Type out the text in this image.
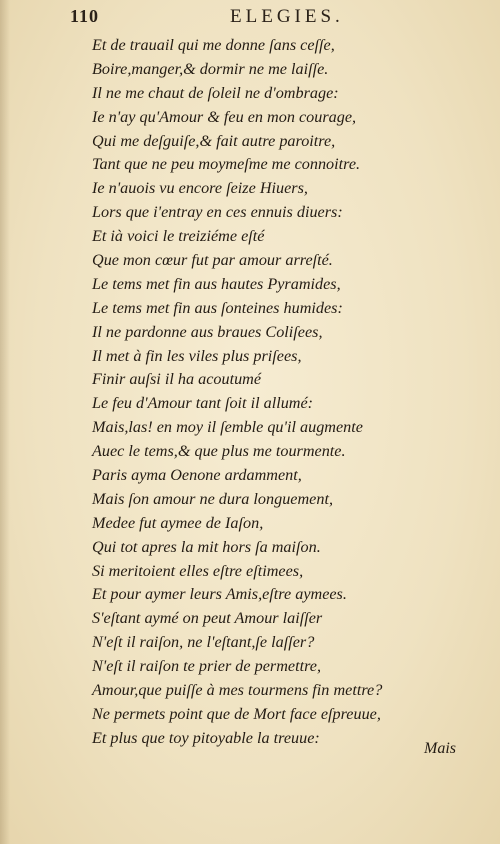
110	ELEGIES.
Et de trauail qui me donne ſans ceſſe,
Boire,manger,& dormir ne me laiſſe.
Il ne me chaut de ſoleil ne d'ombrage:
Ie n'ay qu'Amour & feu en mon courage,
Qui me deſguiſe,& fait autre paroitre,
Tant que ne peu moymeſme me connoitre.
Ie n'auois vu encore ſeize Hiuers,
Lors que i'entray en ces ennuis diuers:
Et ià voici le treiziéme eſté
Que mon cœur fut par amour arreſté.
Le tems met fin aus hautes Pyramides,
Le tems met fin aus ſonteines humides:
Il ne pardonne aus braues Coliſees,
Il met à fin les viles plus priſees,
Finir auſsi il ha acoutumé
Le feu d'Amour tant ſoit il allumé:
Mais,las! en moy il ſemble qu'il augmente
Auec le tems,& que plus me tourmente.
Paris ayma Oenone ardamment,
Mais ſon amour ne dura longuement,
Medee fut aymee de Iaſon,
Qui tot apres la mit hors ſa maiſon.
Si meritoient elles eſtre eſtimees,
Et pour aymer leurs Amis,eſtre aymees.
S'eſtant aymé on peut Amour laiſſer
N'eſt il raiſon, ne l'eſtant,ſe laſſer?
N'eſt il raiſon te prier de permettre,
Amour,que puiſſe à mes tourmens fin mettre?
Ne permets point que de Mort face eſpreuue,
Et plus que toy pitoyable la treuue:
Mais
